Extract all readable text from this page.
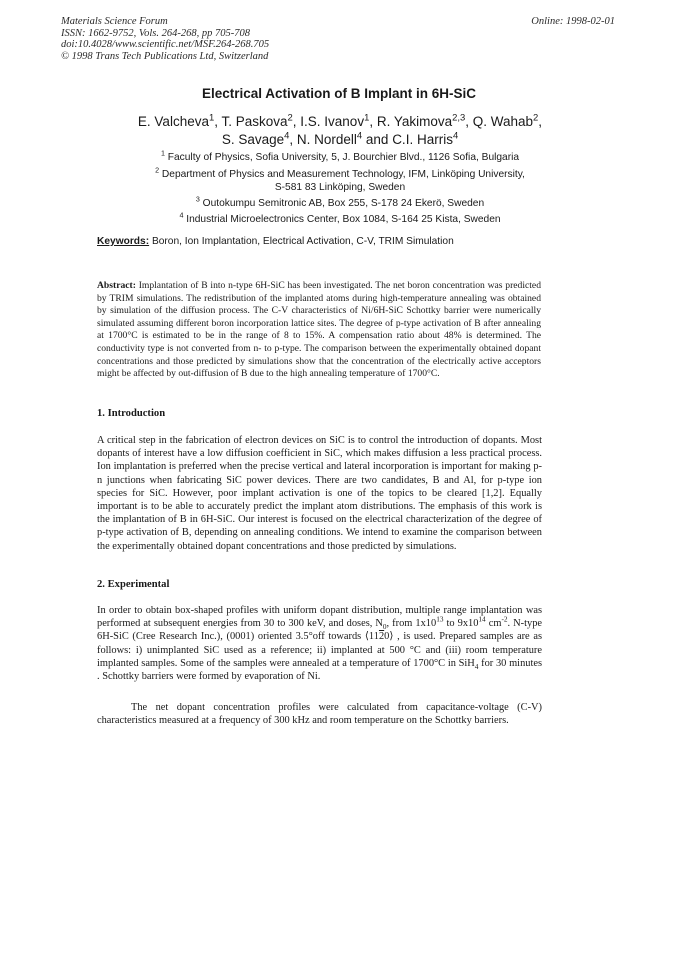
Materials Science Forum
ISSN: 1662-9752, Vols. 264-268, pp 705-708
doi:10.4028/www.scientific.net/MSF.264-268.705
© 1998 Trans Tech Publications Ltd, Switzerland
Online: 1998-02-01
Electrical Activation of B Implant in 6H-SiC
E. Valcheva$^1$, T. Paskova$^2$, I.S. Ivanov$^1$, R. Yakimova$^{2,3}$, Q. Wahab$^2$,
S. Savage$^4$, N. Nordell$^4$ and C.I. Harris$^4$
$^1$ Faculty of Physics, Sofia University, 5, J. Bourchier Blvd., 1126 Sofia, Bulgaria
$^2$ Department of Physics and Measurement Technology, IFM, Linköping University,
S-581 83 Linköping, Sweden
$^3$ Outokumpu Semitronic AB, Box 255, S-178 24 Ekerö, Sweden
$^4$ Industrial Microelectronics Center, Box 1084, S-164 25 Kista, Sweden
Keywords: Boron, Ion Implantation, Electrical Activation, C-V, TRIM Simulation
Abstract: Implantation of B into n-type 6H-SiC has been investigated. The net boron concentration was predicted by TRIM simulations. The redistribution of the implanted atoms during high-temperature annealing was obtained by simulation of the diffusion process. The C-V characteristics of Ni/6H-SiC Schottky barrier were numerically simulated assuming different boron incorporation lattice sites. The degree of p-type activation of B after annealing at 1700°C is estimated to be in the range of 8 to 15%. A compensation ratio about 48% is determined. The conductivity type is not converted from n- to p-type. The comparison between the experimentally obtained dopant concentrations and those predicted by simulations show that the concentration of the electrically active acceptors might be affected by out-diffusion of B due to the high annealing temperature of 1700°C.
1. Introduction
A critical step in the fabrication of electron devices on SiC is to control the introduction of dopants. Most dopants of interest have a low diffusion coefficient in SiC, which makes diffusion a less practical process. Ion implantation is preferred when the precise vertical and lateral incorporation is important for making p-n junctions when fabricating SiC power devices. There are two candidates, B and Al, for p-type ion species for SiC. However, poor implant activation is one of the topics to be cleared [1,2]. Equally important is to be able to accurately predict the implant atom distributions. The emphasis of this work is the implantation of B in 6H-SiC. Our interest is focused on the electrical characterization of the degree of p-type activation of B, depending on annealing conditions. We intend to examine the comparison between the experimentally obtained dopant concentrations and those predicted by simulations.
2. Experimental
In order to obtain box-shaped profiles with uniform dopant distribution, multiple range implantation was performed at subsequent energies from 30 to 300 keV, and doses, $N_0$, from $1x10^{13}$ to $9x10^{14}$ $cm^{-2}$. N-type 6H-SiC (Cree Research Inc.), (0001) oriented 3.5°off towards ⟨1120⟩ , is used. Prepared samples are as follows: i) unimplanted SiC used as a reference; ii) implanted at 500 °C and (iii) room temperature implanted samples. Some of the samples were annealed at a temperature of 1700°C in SiH$_4$ for 30 minutes . Schottky barriers were formed by evaporation of Ni.
The net dopant concentration profiles were calculated from capacitance-voltage (C-V) characteristics measured at a frequency of 300 kHz and room temperature on the Schottky barriers.
